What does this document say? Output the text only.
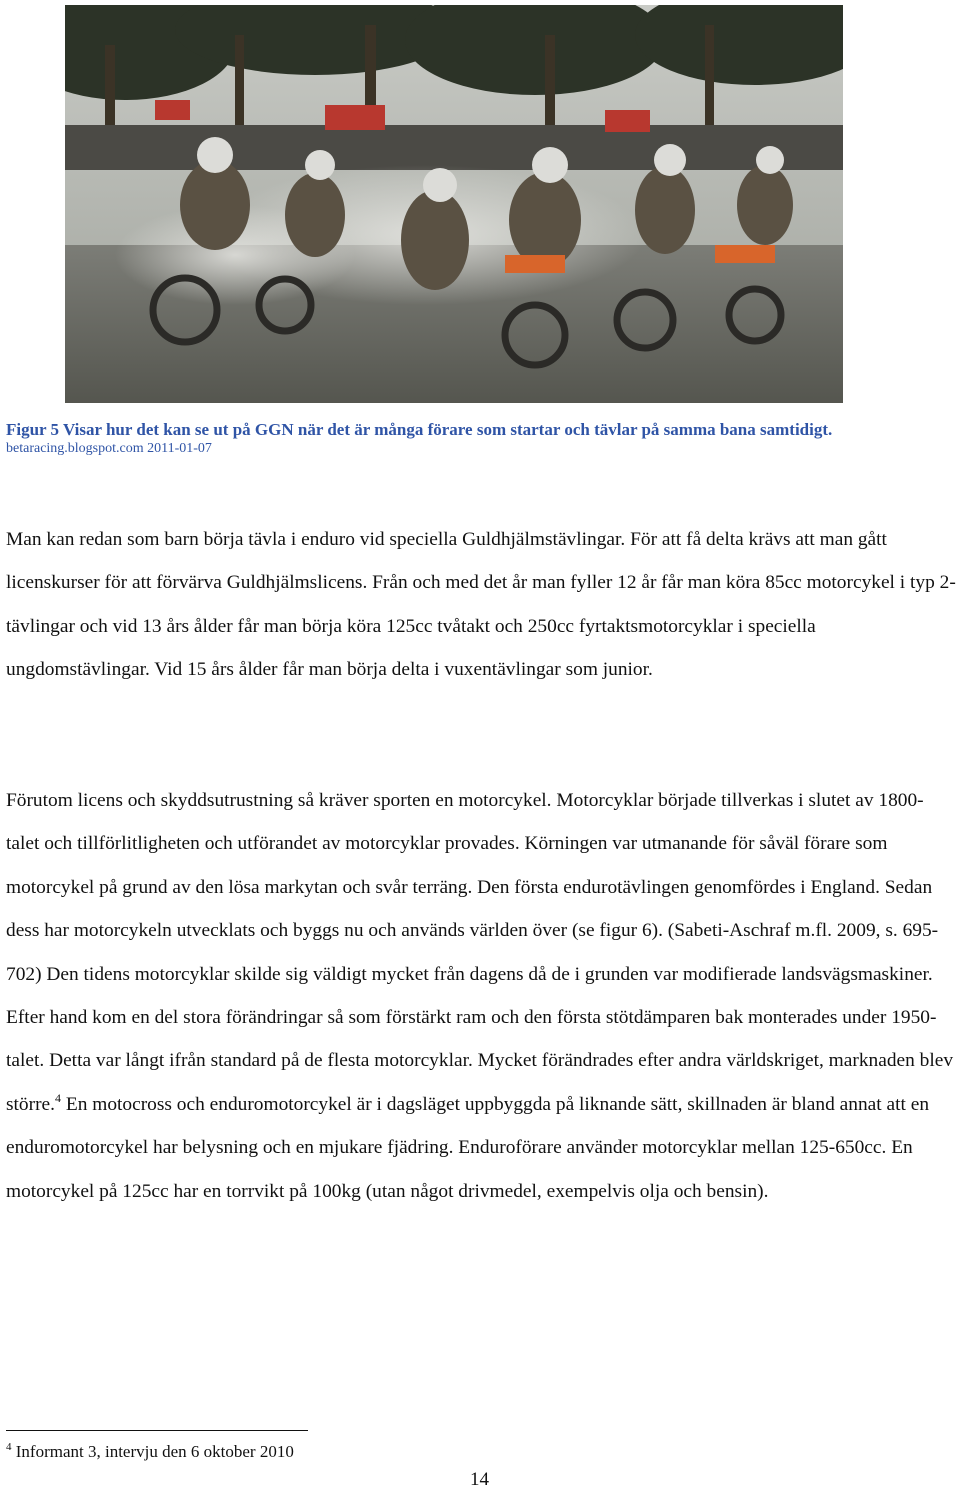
Figur 5 Visar hur det kan se ut på GGN när det är många förare som startar och tävlar på samma bana samtidigt.
betaracing.blogspot.com 2011-01-07

Man kan redan som barn börja tävla i enduro vid speciella Guldhjälmstävlingar. För att få delta krävs att man gått licenskurser för att förvärva Guldhjälmslicens. Från och med det år man fyller 12 år får man köra 85cc motorcykel i typ 2-tävlingar och vid 13 års ålder får man börja köra 125cc tvåtakt och 250cc fyrtaktsmotorcyklar i speciella ungdomstävlingar. Vid 15 års ålder får man börja delta i vuxentävlingar som junior.

Förutom licens och skyddsutrustning så kräver sporten en motorcykel. Motorcyklar började tillverkas i slutet av 1800-talet och tillförlitligheten och utförandet av motorcyklar provades. Körningen var utmanande för såväl förare som motorcykel på grund av den lösa markytan och svår terräng. Den första endurotävlingen genomfördes i England. Sedan dess har motorcykeln utvecklats och byggs nu och används världen över (se figur 6). (Sabeti-Aschraf m.fl. 2009, s. 695-702) Den tidens motorcyklar skilde sig väldigt mycket från dagens då de i grunden var modifierade landsvägsmaskiner. Efter hand kom en del stora förändringar så som förstärkt ram och den första stötdämparen bak monterades under 1950-talet. Detta var långt ifrån standard på de flesta motorcyklar. Mycket förändrades efter andra världskriget, marknaden blev större.$^4$ En motocross och enduromotorcykel är i dagsläget uppbyggda på liknande sätt, skillnaden är bland annat att en enduromotorcykel har belysning och en mjukare fjädring. Enduroförare använder motorcyklar mellan 125-650cc. En motorcykel på 125cc har en torrvikt på 100kg (utan något drivmedel, exempelvis olja och bensin).

$^4$ Informant 3, intervju den 6 oktober 2010
14
